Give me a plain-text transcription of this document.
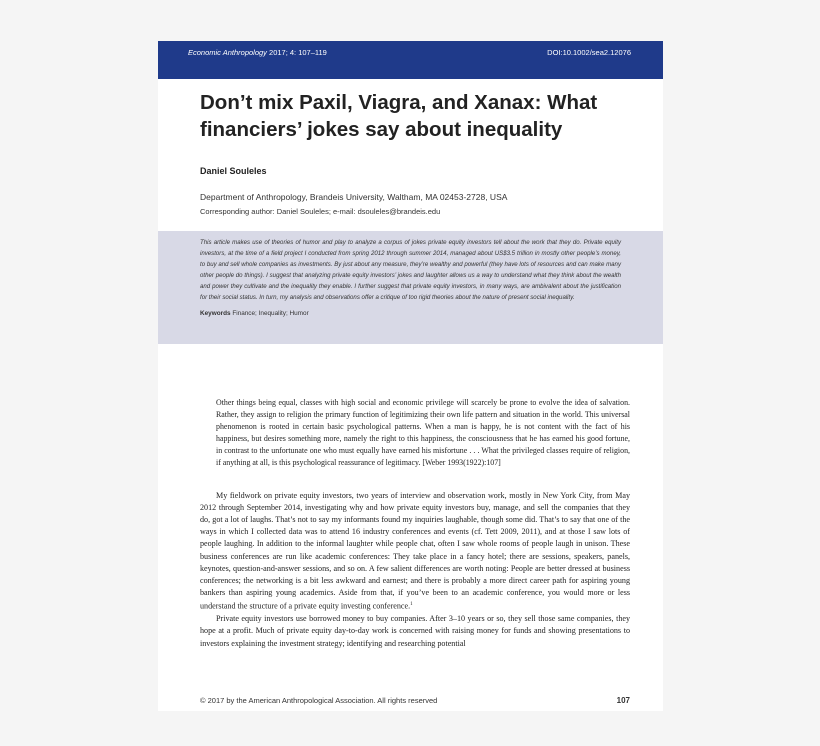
Economic Anthropology 2017; 4: 107–119	DOI:10.1002/sea2.12076
Don’t mix Paxil, Viagra, and Xanax: What financiers’ jokes say about inequality
Daniel Souleles
Department of Anthropology, Brandeis University, Waltham, MA 02453-2728, USA
Corresponding author: Daniel Souleles; e-mail: dsouleles@brandeis.edu

This article makes use of theories of humor and play to analyze a corpus of jokes private equity investors tell about the work that they do. Private equity investors, at the time of a field project I conducted from spring 2012 through summer 2014, managed about US$3.5 trillion in mostly other people’s money, to buy and sell whole companies as investments. By just about any measure, they’re wealthy and powerful (they have lots of resources and can make many other people do things). I suggest that analyzing private equity investors’ jokes and laughter allows us a way to understand what they think about the wealth and power they cultivate and the inequality they enable. I further suggest that private equity investors, in many ways, are ambivalent about the justification for their social status. In turn, my analysis and observations offer a critique of too rigid theories about the nature of present social inequality.

Keywords Finance; Inequality; Humor

Other things being equal, classes with high social and economic privilege will scarcely be prone to evolve the idea of salvation. Rather, they assign to religion the primary function of legitimizing their own life pattern and situation in the world. This universal phenomenon is rooted in certain basic psychological patterns. When a man is happy, he is not content with the fact of his happiness, but desires something more, namely the right to this happiness, the consciousness that he has earned his good fortune, in contrast to the unfortunate one who must equally have earned his misfortune . . . What the privileged classes require of religion, if anything at all, is this psychological reassurance of legitimacy. [Weber 1993(1922):107]

My fieldwork on private equity investors, two years of interview and observation work, mostly in New York City, from May 2012 through September 2014, investigating why and how private equity investors buy, manage, and sell the companies that they do, got a lot of laughs. That’s not to say my informants found my inquiries laughable, though some did. That’s to say that one of the ways in which I collected data was to attend 16 industry conferences and events (cf. Tett 2009, 2011), and at those I saw lots of people laughing. In addition to the informal laughter while people chat, often I saw whole rooms of people laugh in unison. These business conferences are run like academic conferences: They take place in a fancy hotel; there are sessions, speakers, panels, keynotes, question-and-answer sessions, and so on. A few salient differences are worth noting: People are better dressed at business conferences; the networking is a bit less awkward and earnest; and there is probably a more direct career path for aspiring young bankers than aspiring young academics. Aside from that, if you’ve been to an academic conference, you would more or less understand the structure of a private equity investing conference.$^1$

Private equity investors use borrowed money to buy companies. After 3–10 years or so, they sell those same companies, they hope at a profit. Much of private equity day-to-day work is concerned with raising money for funds and showing presentations to investors explaining the investment strategy; identifying and researching potential

© 2017 by the American Anthropological Association. All rights reserved	107
